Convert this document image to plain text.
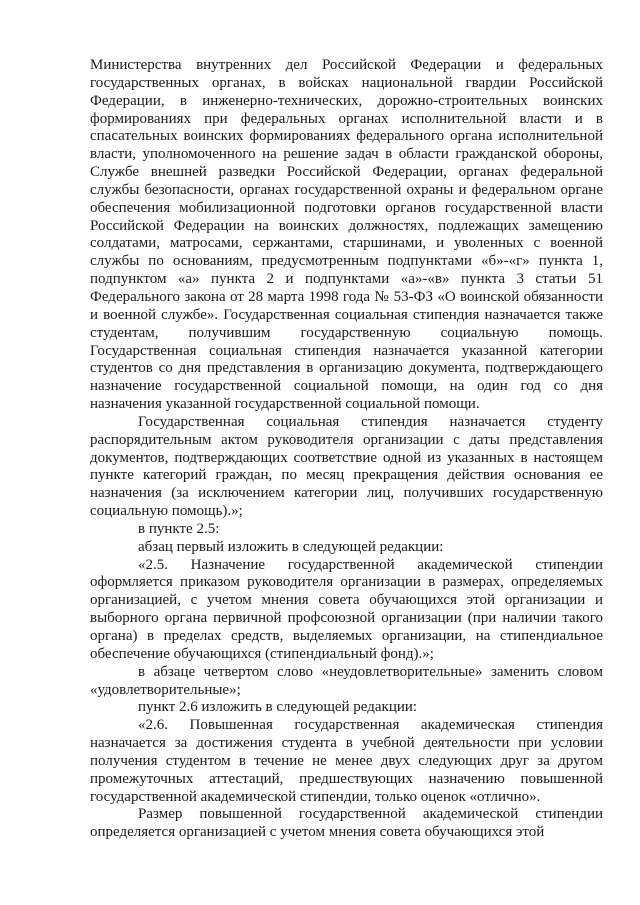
Министерства внутренних дел Российской Федерации и федеральных государственных органах, в войсках национальной гвардии Российской Федерации, в инженерно-технических, дорожно-строительных воинских формированиях при федеральных органах исполнительной власти и в спасательных воинских формированиях федерального органа исполнительной власти, уполномоченного на решение задач в области гражданской обороны, Службе внешней разведки Российской Федерации, органах федеральной службы безопасности, органах государственной охраны и федеральном органе обеспечения мобилизационной подготовки органов государственной власти Российской Федерации на воинских должностях, подлежащих замещению солдатами, матросами, сержантами, старшинами, и уволенных с военной службы по основаниям, предусмотренным подпунктами «б»-«г» пункта 1, подпунктом «а» пункта 2 и подпунктами «а»-«в» пункта 3 статьи 51 Федерального закона от 28 марта 1998 года № 53-ФЗ «О воинской обязанности и военной службе». Государственная социальная стипендия назначается также студентам, получившим государственную социальную помощь. Государственная социальная стипендия назначается указанной категории студентов со дня представления в организацию документа, подтверждающего назначение государственной социальной помощи, на один год со дня назначения указанной государственной социальной помощи.

Государственная социальная стипендия назначается студенту распорядительным актом руководителя организации с даты представления документов, подтверждающих соответствие одной из указанных в настоящем пункте категорий граждан, по месяц прекращения действия основания ее назначения (за исключением категории лиц, получивших государственную социальную помощь).»;

в пункте 2.5:

абзац первый изложить в следующей редакции:

«2.5. Назначение государственной академической стипендии оформляется приказом руководителя организации в размерах, определяемых организацией, с учетом мнения совета обучающихся этой организации и выборного органа первичной профсоюзной организации (при наличии такого органа) в пределах средств, выделяемых организации, на стипендиальное обеспечение обучающихся (стипендиальный фонд).»;

в абзаце четвертом слово «неудовлетворительные» заменить словом «удовлетворительные»;

пункт 2.6 изложить в следующей редакции:

«2.6. Повышенная государственная академическая стипендия назначается за достижения студента в учебной деятельности при условии получения студентом в течение не менее двух следующих друг за другом промежуточных аттестаций, предшествующих назначению повышенной государственной академической стипендии, только оценок «отлично».

Размер повышенной государственной академической стипендии определяется организацией с учетом мнения совета обучающихся этой
